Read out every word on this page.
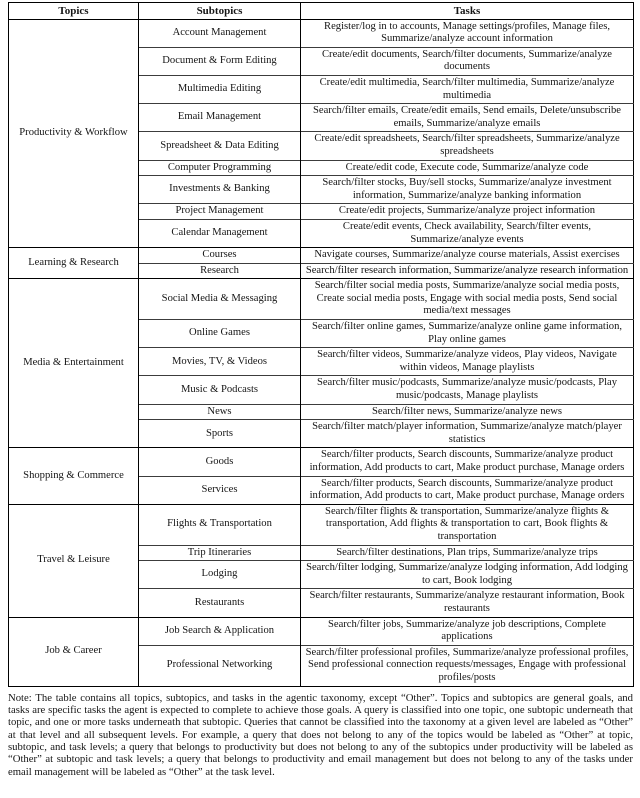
Topics	Subtopics	Tasks
Productivity & Workflow	Account Management	Register/log in to accounts, Manage settings/profiles, Manage files, Summarize/analyze account information
	Document & Form Editing	Create/edit documents, Search/filter documents, Summarize/analyze documents
	Multimedia Editing	Create/edit multimedia, Search/filter multimedia, Summarize/analyze multimedia
	Email Management	Search/filter emails, Create/edit emails, Send emails, Delete/unsubscribe emails, Summarize/analyze emails
	Spreadsheet & Data Editing	Create/edit spreadsheets, Search/filter spreadsheets, Summarize/analyze spreadsheets
	Computer Programming	Create/edit code, Execute code, Summarize/analyze code
	Investments & Banking	Search/filter stocks, Buy/sell stocks, Summarize/analyze investment information, Summarize/analyze banking information
	Project Management	Create/edit projects, Summarize/analyze project information
	Calendar Management	Create/edit events, Check availability, Search/filter events, Summarize/analyze events
Learning & Research	Courses	Navigate courses, Summarize/analyze course materials, Assist exercises
	Research	Search/filter research information, Summarize/analyze research information
Media & Entertainment	Social Media & Messaging	Search/filter social media posts, Summarize/analyze social media posts, Create social media posts, Engage with social media posts, Send social media/text messages
	Online Games	Search/filter online games, Summarize/analyze online game information, Play online games
	Movies, TV, & Videos	Search/filter videos, Summarize/analyze videos, Play videos, Navigate within videos, Manage playlists
	Music & Podcasts	Search/filter music/podcasts, Summarize/analyze music/podcasts, Play music/podcasts, Manage playlists
	News	Search/filter news, Summarize/analyze news
	Sports	Search/filter match/player information, Summarize/analyze match/player statistics
Shopping & Commerce	Goods	Search/filter products, Search discounts, Summarize/analyze product information, Add products to cart, Make product purchase, Manage orders
	Services	Search/filter products, Search discounts, Summarize/analyze product information, Add products to cart, Make product purchase, Manage orders
Travel & Leisure	Flights & Transportation	Search/filter flights & transportation, Summarize/analyze flights & transportation, Add flights & transportation to cart, Book flights & transportation
	Trip Itineraries	Search/filter destinations, Plan trips, Summarize/analyze trips
	Lodging	Search/filter lodging, Summarize/analyze lodging information, Add lodging to cart, Book lodging
	Restaurants	Search/filter restaurants, Summarize/analyze restaurant information, Book restaurants
Job & Career	Job Search & Application	Search/filter jobs, Summarize/analyze job descriptions, Complete applications
	Professional Networking	Search/filter professional profiles, Summarize/analyze professional profiles, Send professional connection requests/messages, Engage with professional profiles/posts
Note: The table contains all topics, subtopics, and tasks in the agentic taxonomy, except “Other”. Topics and subtopics are general goals, and tasks are specific tasks the agent is expected to complete to achieve those goals. A query is classified into one topic, one subtopic underneath that topic, and one or more tasks underneath that subtopic. Queries that cannot be classified into the taxonomy at a given level are labeled as “Other” at that level and all subsequent levels. For example, a query that does not belong to any of the topics would be labeled as “Other” at topic, subtopic, and task levels; a query that belongs to productivity but does not belong to any of the subtopics under productivity will be labeled as “Other” at subtopic and task levels; a query that belongs to productivity and email management but does not belong to any of the tasks under email management will be labeled as “Other” at the task level.
